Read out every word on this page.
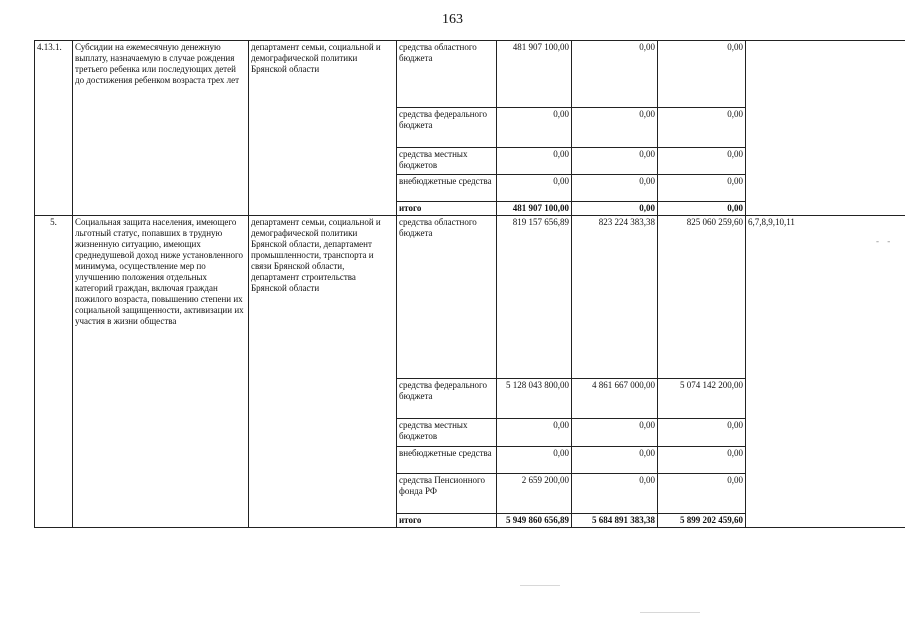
163
4.13.1.	Субсидии на ежемесячную денежную выплату, назначаемую в случае рождения третьего ребенка или последующих детей до достижения ребенком возраста трех лет	департамент семьи, социальной и демографической политики Брянской области	средства областного бюджета	481 907 100,00	0,00	0,00	
			средства федерального бюджета	0,00	0,00	0,00	
			средства местных бюджетов	0,00	0,00	0,00	
			внебюджетные средства	0,00	0,00	0,00	
			итого	481 907 100,00	0,00	0,00	
5.	Социальная защита населения, имеющего льготный статус, попавших в трудную жизненную ситуацию, имеющих среднедушевой доход ниже установленного минимума, осуществление мер по улучшению положения отдельных категорий граждан, включая граждан пожилого возраста, повышению степени их социальной защищенности, активизации их участия в жизни общества	департамент семьи, социальной и демографической политики Брянской области, департамент промышленности, транспорта и связи Брянской области, департамент строительства Брянской области	средства областного бюджета	819 157 656,89	823 224 383,38	825 060 259,60	6,7,8,9,10,11
			средства федерального бюджета	5 128 043 800,00	4 861 667 000,00	5 074 142 200,00	
			средства местных бюджетов	0,00	0,00	0,00	
			внебюджетные средства	0,00	0,00	0,00	
			средства Пенсионного фонда РФ	2 659 200,00	0,00	0,00	
			итого	5 949 860 656,89	5 684 891 383,38	5 899 202 459,60	
- -
